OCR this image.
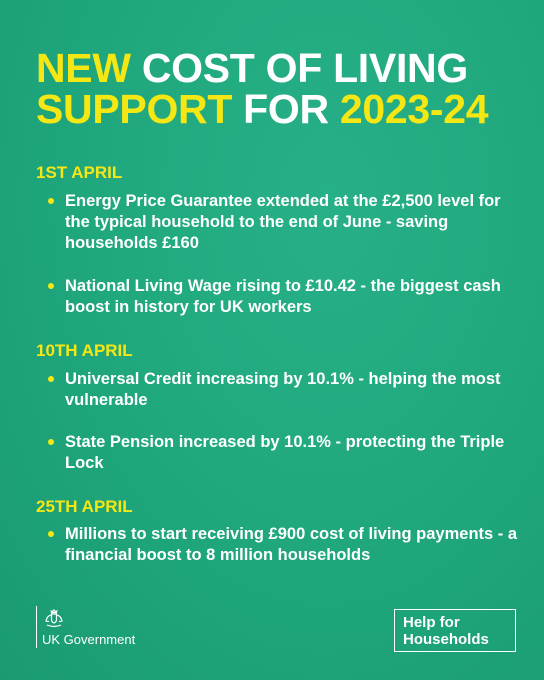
NEW COST OF LIVING
SUPPORT FOR 2023-24
1ST APRIL
Energy Price Guarantee extended at the £2,500 level for the typical household to the end of June - saving households £160
National Living Wage rising to £10.42 - the biggest cash boost in history for UK workers
10TH APRIL
Universal Credit increasing by 10.1% - helping the most vulnerable
State Pension increased by 10.1% - protecting the Triple Lock
25TH APRIL
Millions to start receiving £900 cost of living payments - a financial boost to 8 million households
UK Government
Help for
Households
